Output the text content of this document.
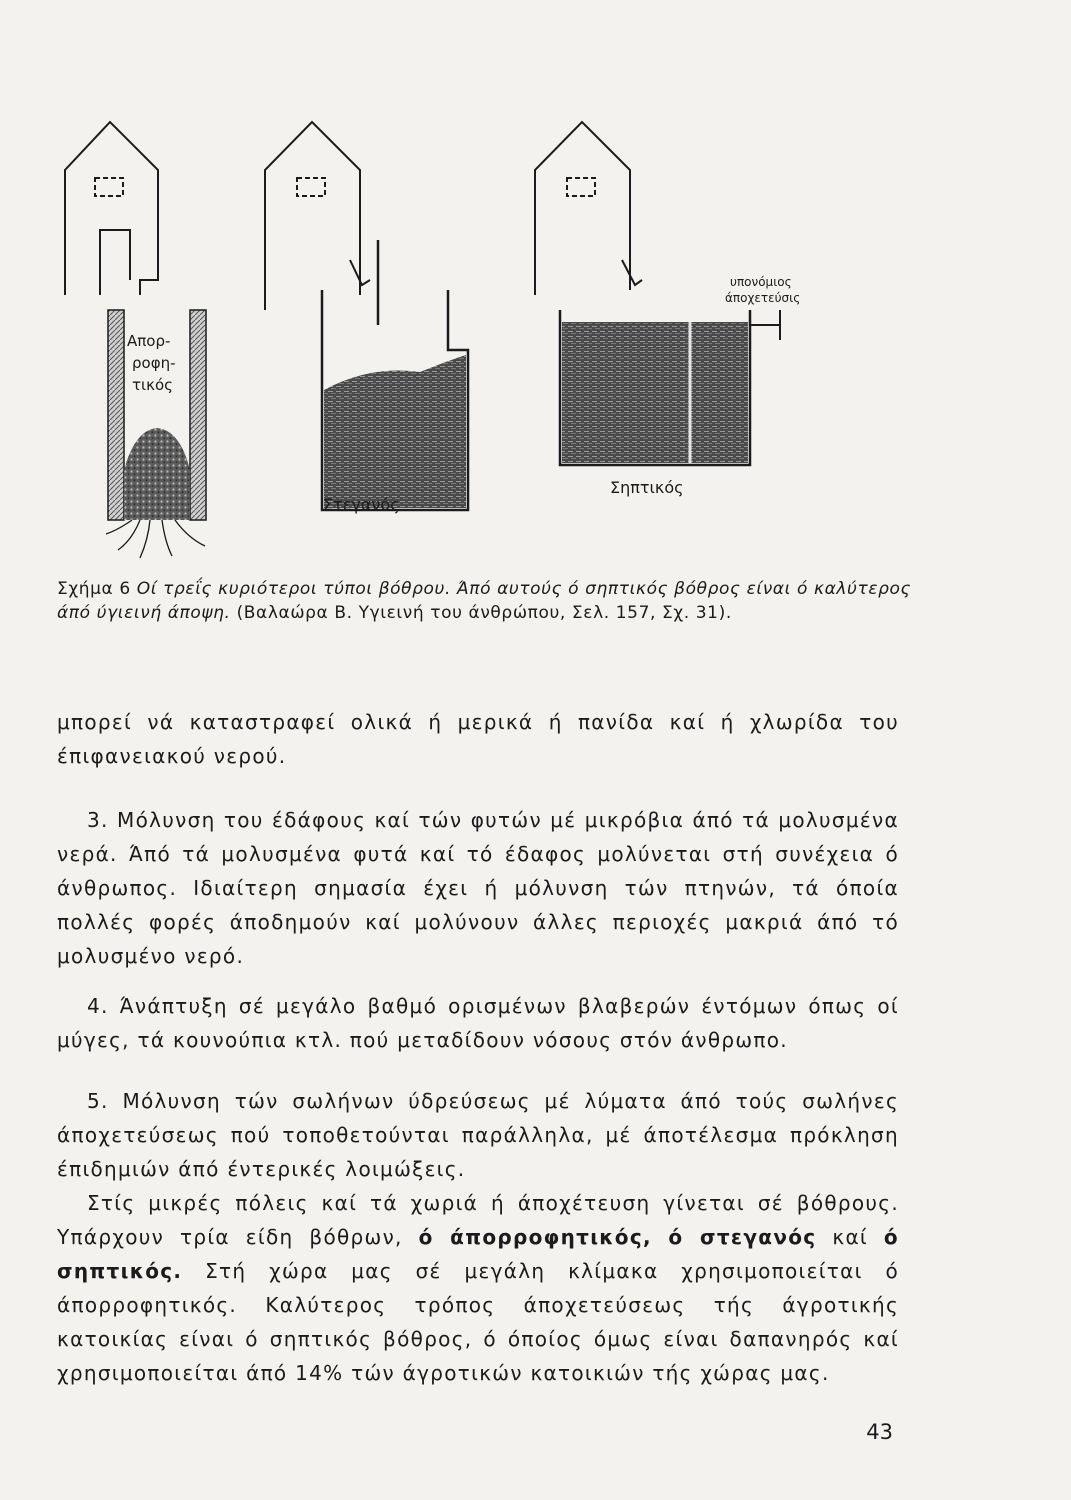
Απορ-
ροφη-
τικός
Στεγανός
υπονόμιος
άποχετεύσις
Σηπτικός
Σχήμα 6 Οί τρεΐς κυριότεροι τύποι βόθρου. Άπό αυτούς ό σηπτικός βόθρος είναι ό καλύτερος άπό ύγιεινή άποψη. (Βαλαώρα Β. Υγιεινή του άνθρώπου, Σελ. 157, Σχ. 31).

μπορεί νά καταστραφεί ολικά ή μερικά ή πανίδα καί ή χλωρίδα του έπιφανειακού νερού.

3. Μόλυνση του έδάφους καί τών φυτών μέ μικρόβια άπό τά μολυσμένα νερά. Άπό τά μολυσμένα φυτά καί τό έδαφος μολύνεται στή συνέχεια ό άνθρωπος. Ιδιαίτερη σημασία έχει ή μόλυνση τών πτηνών, τά όποία πολλές φορές άποδημούν καί μολύνουν άλλες περιοχές μακριά άπό τό μολυσμένο νερό.

4. Άνάπτυξη σέ μεγάλο βαθμό ορισμένων βλαβερών έντόμων όπως οί μύγες, τά κουνούπια κτλ. πού μεταδίδουν νόσους στόν άνθρωπο.

5. Μόλυνση τών σωλήνων ύδρεύσεως μέ λύματα άπό τούς σωλήνες άποχετεύσεως πού τοποθετούνται παράλληλα, μέ άποτέλεσμα πρόκληση έπιδημιών άπό έντερικές λοιμώξεις.

Στίς μικρές πόλεις καί τά χωριά ή άποχέτευση γίνεται σέ βόθρους. Υπάρχουν τρία είδη βόθρων, ό άπορροφητικός, ό στεγανός καί ό σηπτικός. Στή χώρα μας σέ μεγάλη κλίμακα χρησιμοποιείται ό άπορροφητικός. Καλύτερος τρόπος άποχετεύσεως τής άγροτικής κατοικίας είναι ό σηπτικός βόθρος, ό όποίος όμως είναι δαπανηρός καί χρησιμοποιείται άπό 14% τών άγροτικών κατοικιών τής χώρας μας.

43
